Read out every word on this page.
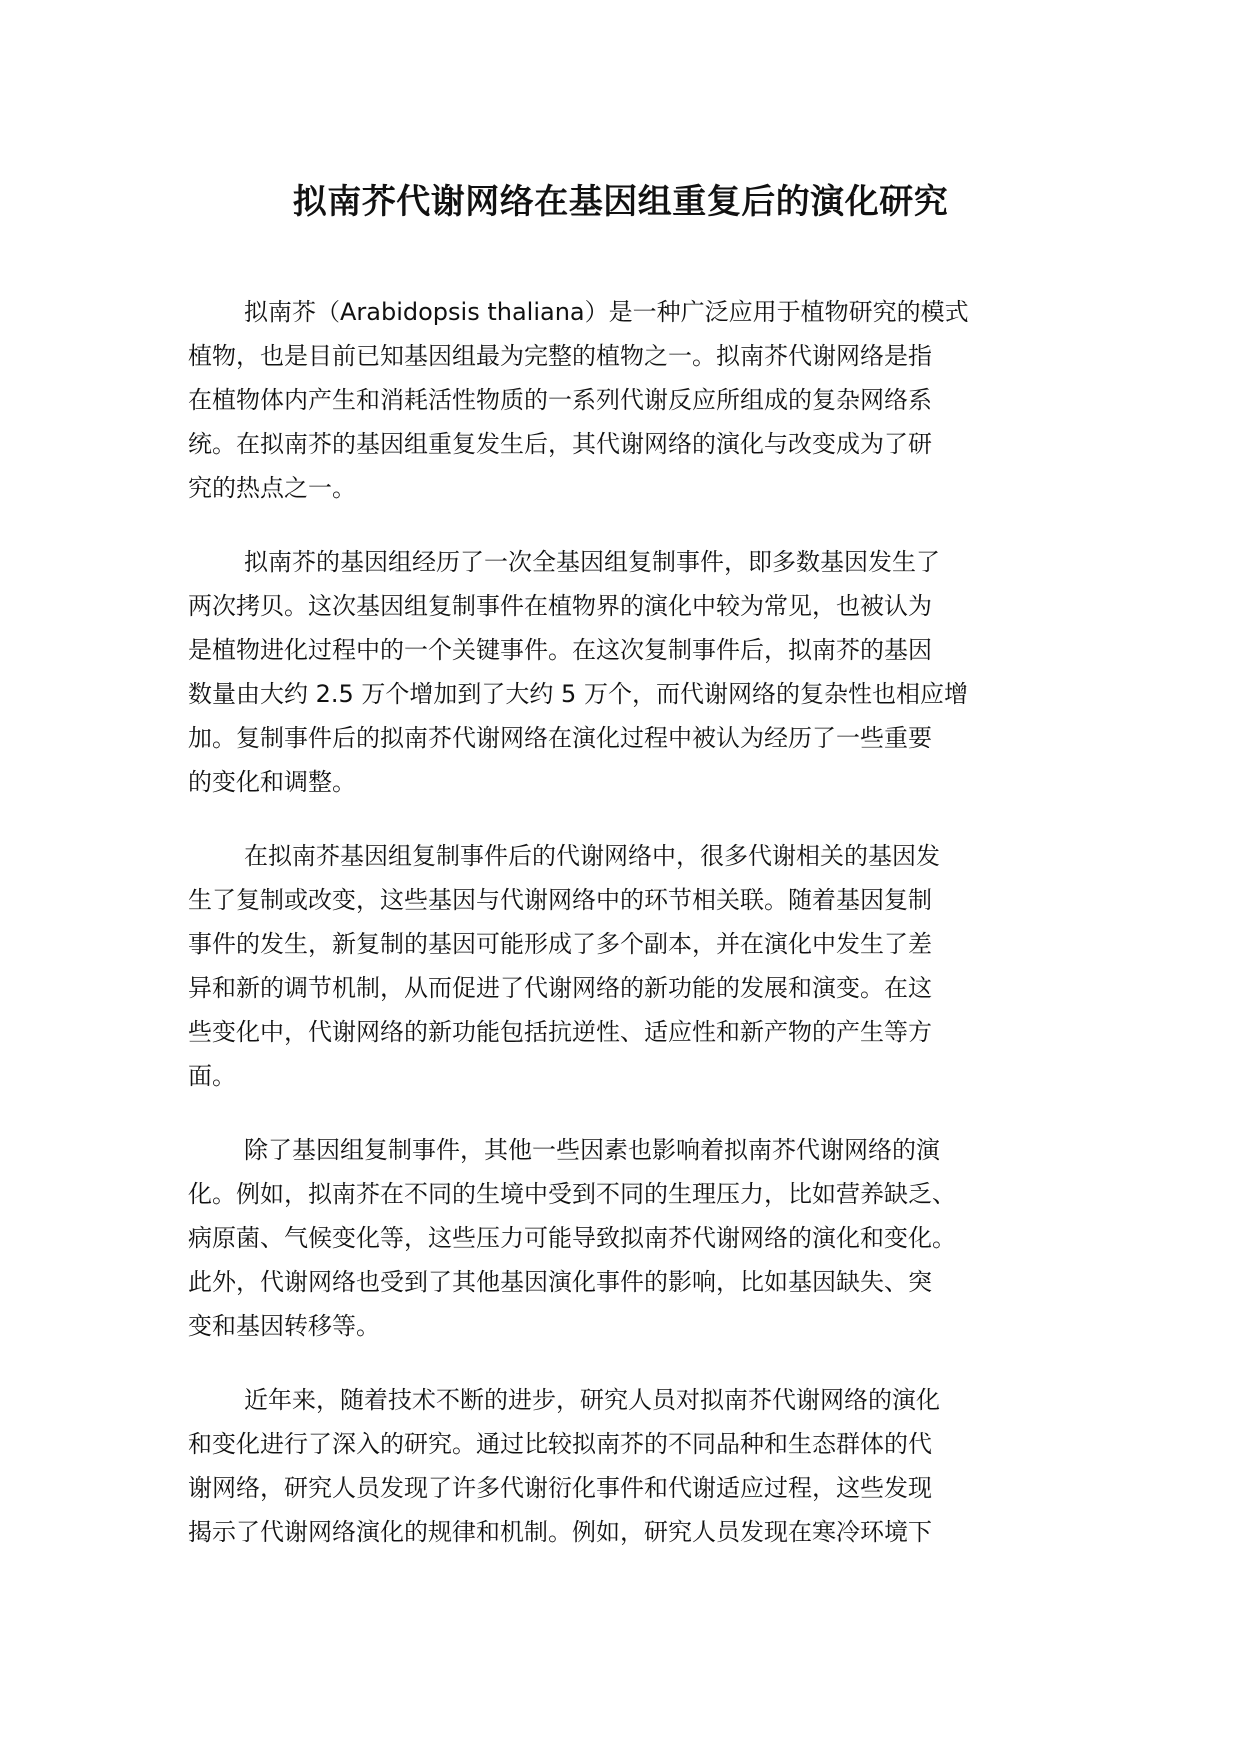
拟南芥代谢网络在基因组重复后的演化研究

拟南芥（Arabidopsis thaliana）是一种广泛应用于植物研究的模式
植物，也是目前已知基因组最为完整的植物之一。拟南芥代谢网络是指
在植物体内产生和消耗活性物质的一系列代谢反应所组成的复杂网络系
统。在拟南芥的基因组重复发生后，其代谢网络的演化与改变成为了研
究的热点之一。

拟南芥的基因组经历了一次全基因组复制事件，即多数基因发生了
两次拷贝。这次基因组复制事件在植物界的演化中较为常见，也被认为
是植物进化过程中的一个关键事件。在这次复制事件后，拟南芥的基因
数量由大约 2.5 万个增加到了大约 5 万个，而代谢网络的复杂性也相应增
加。复制事件后的拟南芥代谢网络在演化过程中被认为经历了一些重要
的变化和调整。

在拟南芥基因组复制事件后的代谢网络中，很多代谢相关的基因发
生了复制或改变，这些基因与代谢网络中的环节相关联。随着基因复制
事件的发生，新复制的基因可能形成了多个副本，并在演化中发生了差
异和新的调节机制，从而促进了代谢网络的新功能的发展和演变。在这
些变化中，代谢网络的新功能包括抗逆性、适应性和新产物的产生等方
面。

除了基因组复制事件，其他一些因素也影响着拟南芥代谢网络的演
化。例如，拟南芥在不同的生境中受到不同的生理压力，比如营养缺乏、
病原菌、气候变化等，这些压力可能导致拟南芥代谢网络的演化和变化。
此外，代谢网络也受到了其他基因演化事件的影响，比如基因缺失、突
变和基因转移等。

近年来，随着技术不断的进步，研究人员对拟南芥代谢网络的演化
和变化进行了深入的研究。通过比较拟南芥的不同品种和生态群体的代
谢网络，研究人员发现了许多代谢衍化事件和代谢适应过程，这些发现
揭示了代谢网络演化的规律和机制。例如，研究人员发现在寒冷环境下
